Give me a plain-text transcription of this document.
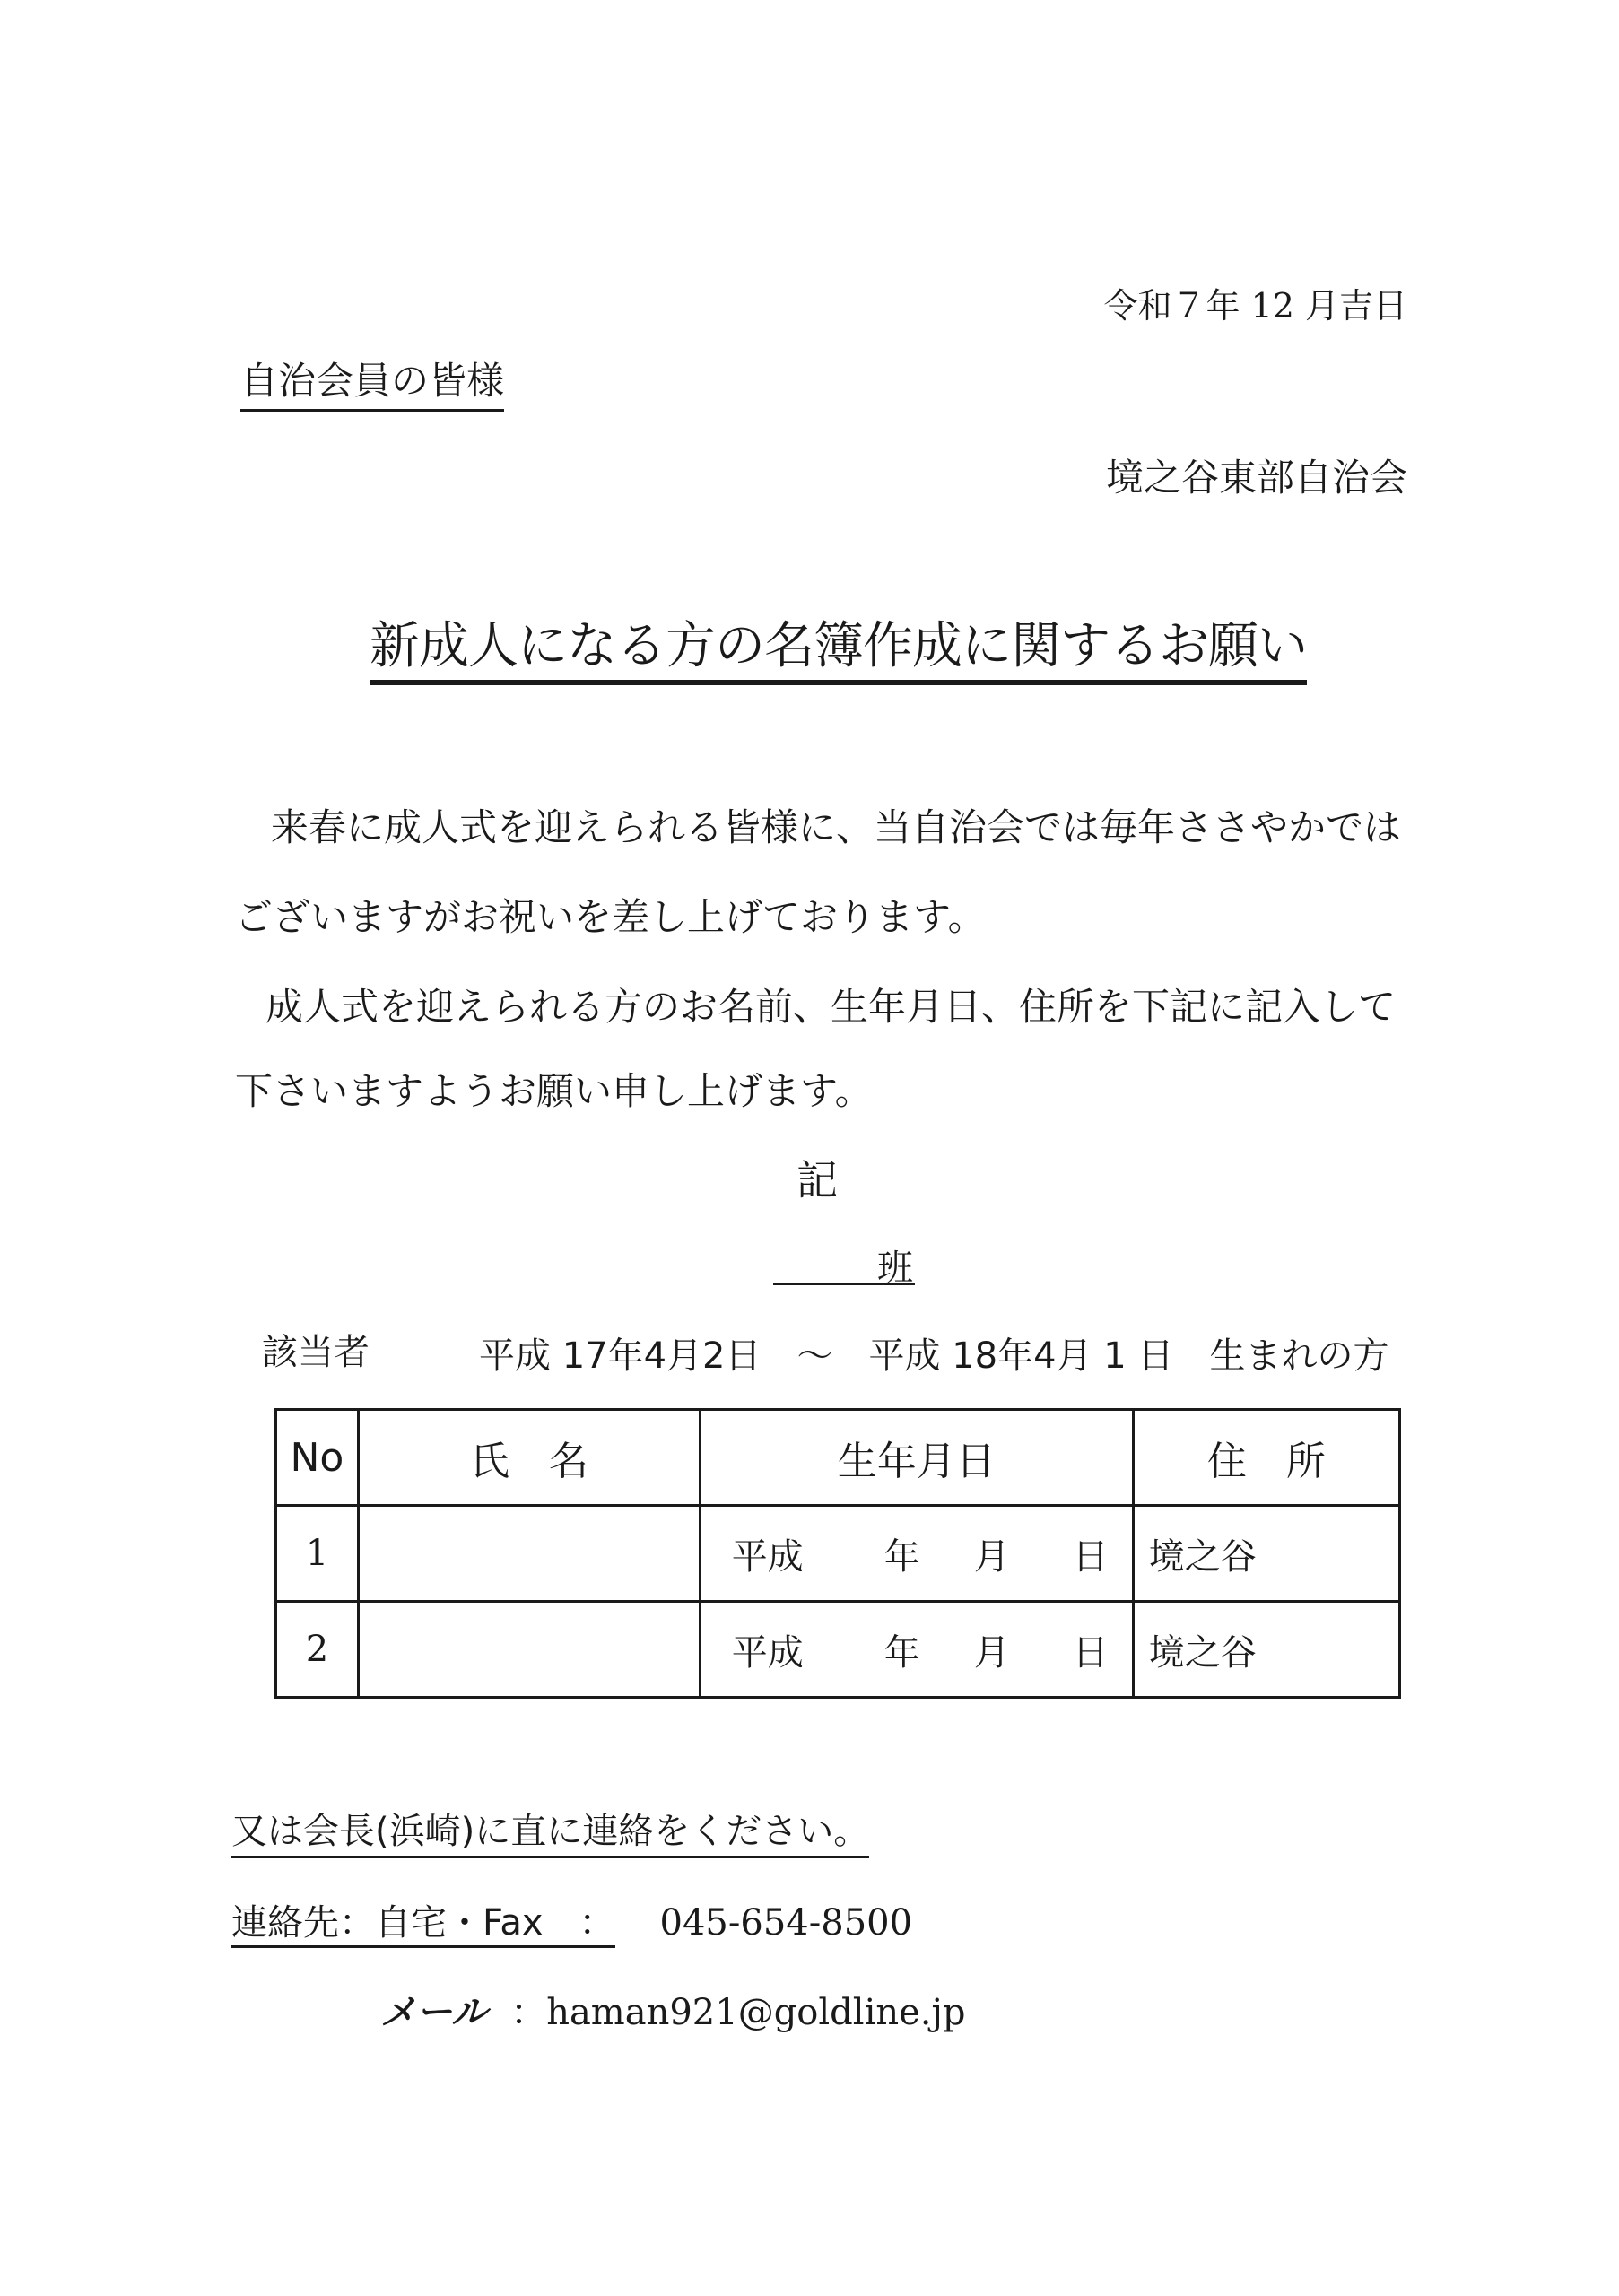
令和７年 12 月吉日
自治会員の皆様
境之谷東部自治会
新成人になる方の名簿作成に関するお願い
来春に成人式を迎えられる皆様に、当自治会では毎年ささやかでは
ございますがお祝いを差し上げております。
成人式を迎えられる方のお名前、生年月日、住所を下記に記入して
下さいますようお願い申し上げます。
記
班
該当者	平成 17年4月2日　～　平成 18年4月 1 日　生まれの方
No	氏　名	生年月日	住　所
1		平成 年 月 日	境之谷
2		平成 年 月 日	境之谷
又は会長(浜崎)に直に連絡をください。
連絡先：自宅・Fax　： 045-654-8500
メール ：haman921@goldline.jp
